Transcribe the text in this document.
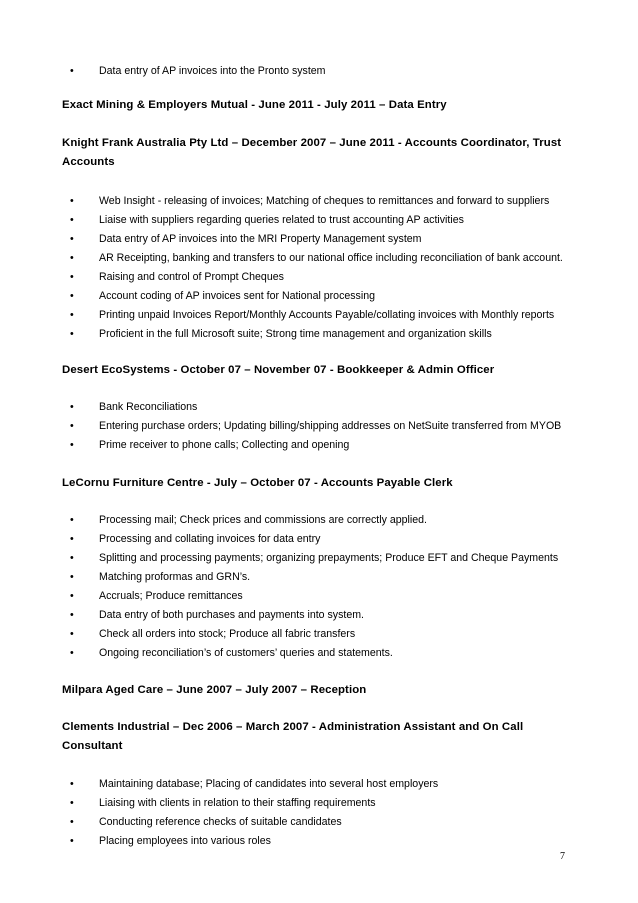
• Data entry of AP invoices into the Pronto system
Exact Mining & Employers Mutual - June 2011 - July 2011 – Data Entry
Knight Frank Australia Pty Ltd – December 2007 – June 2011 - Accounts Coordinator, Trust Accounts
• Web Insight - releasing of invoices; Matching of cheques to remittances and forward to suppliers
• Liaise with suppliers regarding queries related to trust accounting AP activities
• Data entry of AP invoices into the MRI Property Management system
• AR Receipting, banking and transfers to our national office including reconciliation of bank account.
• Raising and control of Prompt Cheques
• Account coding of AP invoices sent for National processing
• Printing unpaid Invoices Report/Monthly Accounts Payable/collating invoices with Monthly reports
• Proficient in the full Microsoft suite; Strong time management and organization skills
Desert EcoSystems - October 07 – November 07 - Bookkeeper & Admin Officer
• Bank Reconciliations
• Entering purchase orders; Updating billing/shipping addresses on NetSuite transferred from MYOB
• Prime receiver to phone calls; Collecting and opening
LeCornu Furniture Centre - July – October 07 - Accounts Payable Clerk
• Processing mail; Check prices and commissions are correctly applied.
• Processing and collating invoices for data entry
• Splitting and processing payments; organizing prepayments; Produce EFT and Cheque Payments
• Matching proformas and GRN’s.
• Accruals; Produce remittances
• Data entry of both purchases and payments into system.
• Check all orders into stock; Produce all fabric transfers
• Ongoing reconciliation’s of customers’ queries and statements.
Milpara Aged Care – June 2007 – July 2007 – Reception
Clements Industrial – Dec 2006 – March 2007 - Administration Assistant and On Call Consultant
• Maintaining database; Placing of candidates into several host employers
• Liaising with clients in relation to their staffing requirements
• Conducting reference checks of suitable candidates
• Placing employees into various roles
7
